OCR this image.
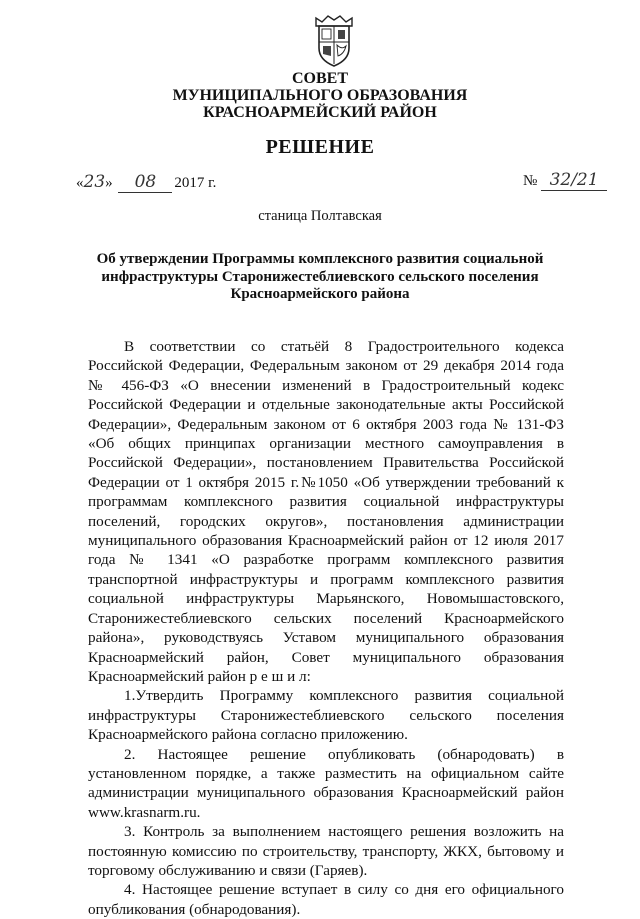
СОВЕТ
МУНИЦИПАЛЬНОГО ОБРАЗОВАНИЯ
КРАСНОАРМЕЙСКИЙ РАЙОН
РЕШЕНИЕ
«23» 08 2017 г.	№ 32/21
станица Полтавская
Об утверждении Программы комплексного развития социальной инфраструктуры Старонижестеблиевского сельского поселения Красноармейского района

В соответствии со статьёй 8 Градостроительного кодекса Российской Федерации, Федеральным законом от 29 декабря 2014 года № 456-ФЗ «О внесении изменений в Градостроительный кодекс Российской Федерации и отдельные законодательные акты Российской Федерации», Федеральным законом от 6 октября 2003 года № 131-ФЗ «Об общих принципах организации местного самоуправления в Российской Федерации», постановлением Правительства Российской Федерации от 1 октября 2015 г.№1050 «Об утверждении требований к программам комплексного развития социальной инфраструктуры поселений, городских округов», постановления администрации муниципального образования Красноармейский район от 12 июля 2017 года № 1341 «О разработке программ комплексного развития транспортной инфраструктуры и программ комплексного развития социальной инфраструктуры Марьянского, Новомышастовского, Старонижестеблиевского сельских поселений Красноармейского района», руководствуясь Уставом муниципального образования Красноармейский район, Совет муниципального образования Красноармейский район р е ш и л:

1.Утвердить Программу комплексного развития социальной инфраструктуры Старонижестеблиевского сельского поселения Красноармейского района согласно приложению.

2. Настоящее решение опубликовать (обнародовать) в установленном порядке, а также разместить на официальном сайте администрации муниципального образования Красноармейский район www.krasnarm.ru.

3. Контроль за выполнением настоящего решения возложить на постоянную комиссию по строительству, транспорту, ЖКХ, бытовому и торговому обслуживанию и связи (Гаряев).

4. Настоящее решение вступает в силу со дня его официального опубликования (обнародования).
